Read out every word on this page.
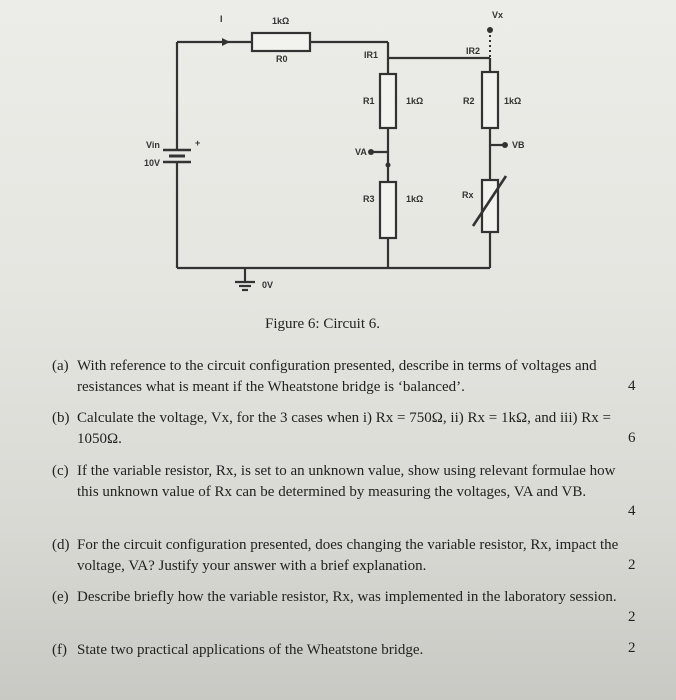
I	1kΩ
R0	IR1	IR2
Vx
R1	1kΩ	R2	1kΩ
Vin
10V
+
VA
VB
R3	1kΩ	Rx
0V
Figure 6: Circuit 6.
(a) With reference to the circuit configuration presented, describe in terms of voltages and resistances what is meant if the Wheatstone bridge is ‘balanced’.	4
(b) Calculate the voltage, Vx, for the 3 cases when i) Rx = 750Ω, ii) Rx = 1kΩ, and iii) Rx = 1050Ω.	6
(c) If the variable resistor, Rx, is set to an unknown value, show using relevant formulae how this unknown value of Rx can be determined by measuring the voltages, VA and VB.
4
(d) For the circuit configuration presented, does changing the variable resistor, Rx, impact the voltage, VA? Justify your answer with a brief explanation.	2
(e) Describe briefly how the variable resistor, Rx, was implemented in the laboratory session.
2
(f) State two practical applications of the Wheatstone bridge.	2
